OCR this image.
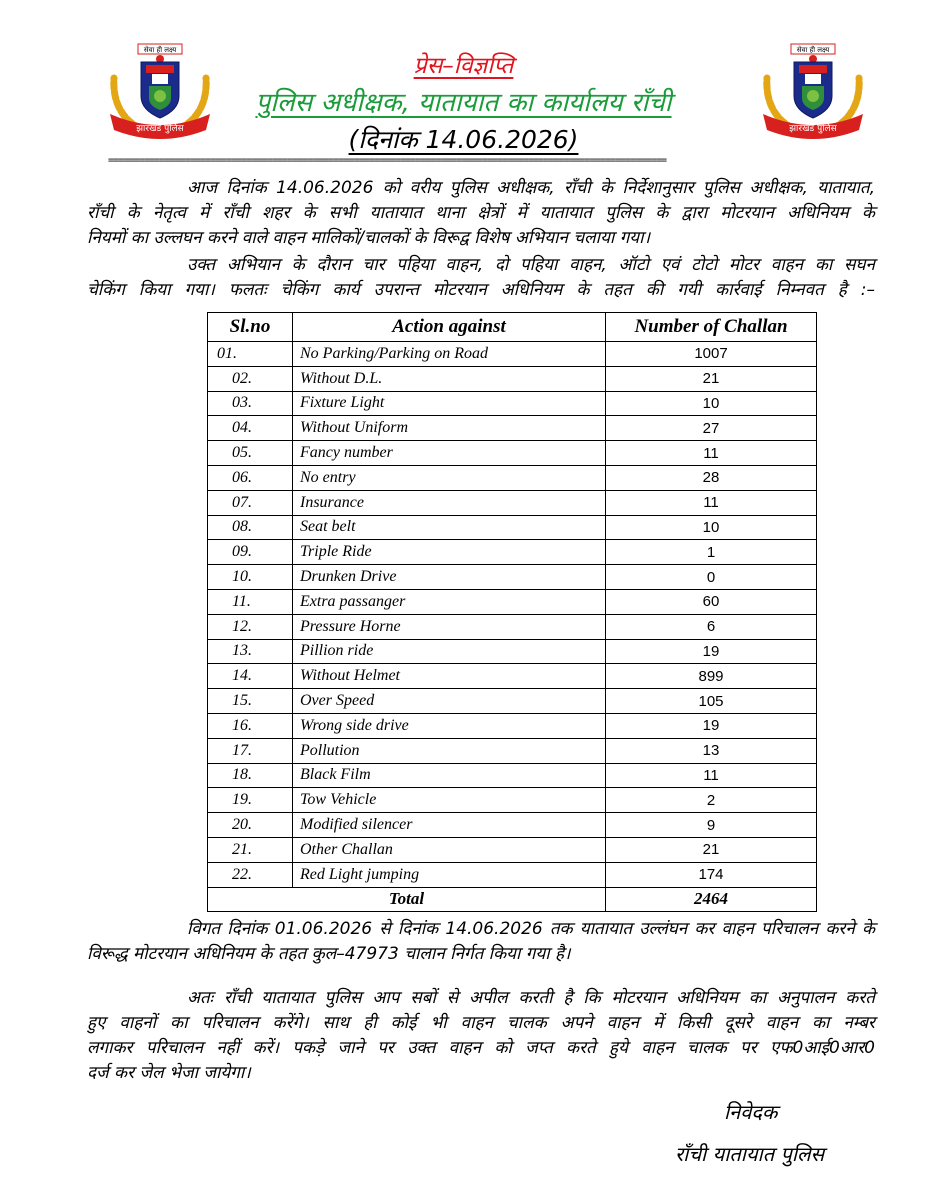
सेवा ही लक्ष्य
झारखंड पुलिस
सेवा ही लक्ष्य
झारखंड पुलिस
प्रेस–विज्ञप्ति
पुलिस अधीक्षक, यातायात का कार्यालय राँची
(दिनांक 14.06.2026)
=============================================================================================================
आज दिनांक 14.06.2026 को वरीय पुलिस अधीक्षक, राँची के निर्देशानुसार पुलिस अधीक्षक, यातायात,
राँची के नेतृत्व में राँची शहर के सभी यातायात थाना क्षेत्रों में यातायात पुलिस के द्वारा मोटरयान अधिनियम के
नियमों का उल्लघन करने वाले वाहन मालिकों/चालकों के विरूद्व विशेष अभियान चलाया गया।
उक्त अभियान के दौरान चार पहिया वाहन, दो पहिया वाहन, ऑटो एवं टोटो मोटर वाहन का सघन
चेकिंग किया गया। फलतः चेकिंग कार्य उपरान्त मोटरयान अधिनियम के तहत की गयी कार्रवाई निम्नवत है :–
Sl.no	Action against	Number of Challan
01.	No Parking/Parking on Road	1007
02.	Without D.L.	21
03.	Fixture Light	10
04.	Without Uniform	27
05.	Fancy number	11
06.	No entry	28
07.	Insurance	11
08.	Seat belt	10
09.	Triple Ride	1
10.	Drunken Drive	0
11.	Extra passanger	60
12.	Pressure Horne	6
13.	Pillion ride	19
14.	Without Helmet	899
15.	Over Speed	105
16.	Wrong side drive	19
17.	Pollution	13
18.	Black Film	11
19.	Tow Vehicle	2
20.	Modified silencer	9
21.	Other Challan	21
22.	Red Light jumping	174
Total		2464
विगत दिनांक 01.06.2026 से दिनांक 14.06.2026 तक यातायात उल्लंघन कर वाहन परिचालन करने के
विरूद्ध मोटरयान अधिनियम के तहत कुल–47973 चालान निर्गत किया गया है।
अतः राँची यातायात पुलिस आप सबों से अपील करती है कि मोटरयान अधिनियम का अनुपालन करते
हुए वाहनों का परिचालन करेंगे। साथ ही कोई भी वाहन चालक अपने वाहन में किसी दूसरे वाहन का नम्बर
लगाकर परिचालन नहीं करें। पकड़े जाने पर उक्त वाहन को जप्त करते हुये वाहन चालक पर एफ0आई0आर0
दर्ज कर जेल भेजा जायेगा।
निवेदक
राँची यातायात पुलिस
